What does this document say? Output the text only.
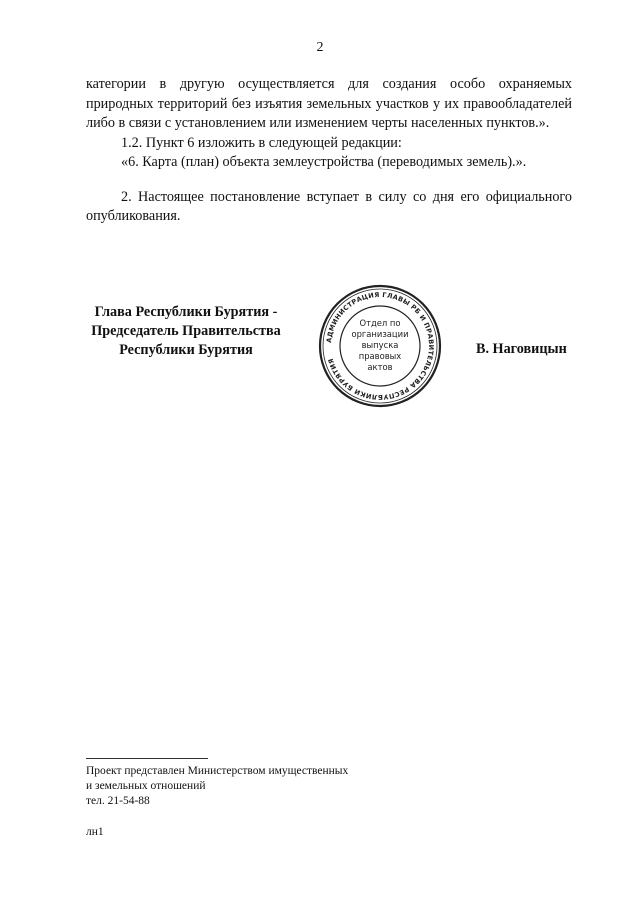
2

категории в другую осуществляется для создания особо охраняемых природных территорий без изъятия земельных участков у их правообладателей либо в связи с установлением или изменением черты населенных пунктов.».

1.2. Пункт 6 изложить в следующей редакции:

«6. Карта (план) объекта землеустройства (переводимых земель).».

2. Настоящее постановление вступает в силу со дня его официального опубликования.

Глава Республики Бурятия -
Председатель Правительства
Республики Бурятия
АДМИНИСТРАЦИЯ ГЛАВЫ РБ И ПРАВИТЕЛЬСТВА РЕСПУБЛИКИ БУРЯТИЯ
Отдел по
организации
выпуска
правовых
актов
В. Наговицын

Проект представлен Министерством имущественных

и земельных отношений

тел. 21-54-88

лн1
